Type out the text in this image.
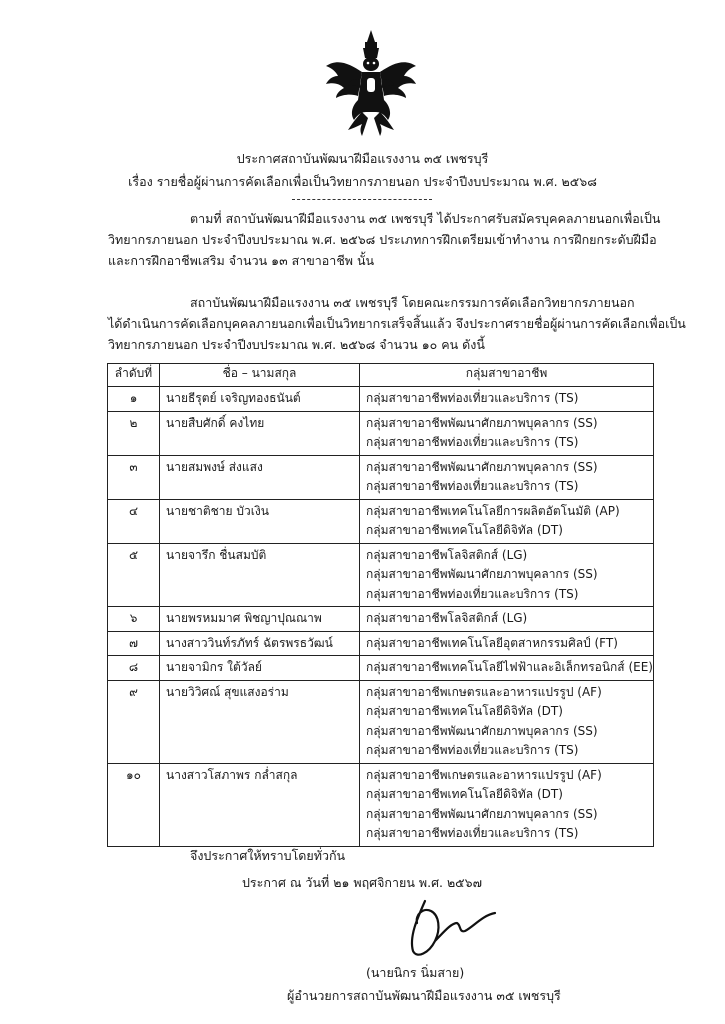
ประกาศสถาบันพัฒนาฝีมือแรงงาน ๓๕ เพชรบุรี
เรื่อง รายชื่อผู้ผ่านการคัดเลือกเพื่อเป็นวิทยากรภายนอก ประจำปีงบประมาณ พ.ศ. ๒๕๖๘
ตามที่ สถาบันพัฒนาฝีมือแรงงาน ๓๕ เพชรบุรี ได้ประกาศรับสมัครบุคคลภายนอกเพื่อเป็น
วิทยากรภายนอก ประจำปีงบประมาณ พ.ศ. ๒๕๖๘ ประเภทการฝึกเตรียมเข้าทำงาน การฝึกยกระดับฝีมือ
และการฝึกอาชีพเสริม จำนวน ๑๓ สาขาอาชีพ นั้น
สถาบันพัฒนาฝีมือแรงงาน ๓๕ เพชรบุรี โดยคณะกรรมการคัดเลือกวิทยากรภายนอก
ได้ดำเนินการคัดเลือกบุคคลภายนอกเพื่อเป็นวิทยากรเสร็จสิ้นแล้ว จึงประกาศรายชื่อผู้ผ่านการคัดเลือกเพื่อเป็น
วิทยากรภายนอก ประจำปีงบประมาณ พ.ศ. ๒๕๖๘ จำนวน ๑๐ คน ดังนี้
ลำดับที่	ชื่อ – นามสกุล	กลุ่มสาขาอาชีพ
๑	นายธีรุตย์ เจริญทองธนันต์	กลุ่มสาขาอาชีพท่องเที่ยวและบริการ (TS)

๒	นายสืบศักดิ์ คงไทย	กลุ่มสาขาอาชีพพัฒนาศักยภาพบุคลากร (SS)
กลุ่มสาขาอาชีพท่องเที่ยวและบริการ (TS)

๓	นายสมพงษ์ ส่งแสง	กลุ่มสาขาอาชีพพัฒนาศักยภาพบุคลากร (SS)
กลุ่มสาขาอาชีพท่องเที่ยวและบริการ (TS)

๔	นายชาติชาย บัวเงิน	กลุ่มสาขาอาชีพเทคโนโลยีการผลิตอัตโนมัติ (AP)
กลุ่มสาขาอาชีพเทคโนโลยีดิจิทัล (DT)

๕	นายจารึก ชื่นสมบัติ	กลุ่มสาขาอาชีพโลจิสติกส์ (LG)
กลุ่มสาขาอาชีพพัฒนาศักยภาพบุคลากร (SS)
กลุ่มสาขาอาชีพท่องเที่ยวและบริการ (TS)

๖	นายพรหมมาศ พิชญาปุณณาพ	กลุ่มสาขาอาชีพโลจิสติกส์ (LG)

๗	นางสาววินท์รภัทร์ ฉัตรพรธวัฒน์	กลุ่มสาขาอาชีพเทคโนโลยีอุตสาหกรรมศิลป์ (FT)

๘	นายจามิกร ใต้วัลย์	กลุ่มสาขาอาชีพเทคโนโลยีไฟฟ้าและอิเล็กทรอนิกส์ (EE)

๙	นายวิวิศณ์ สุขแสงอร่าม	กลุ่มสาขาอาชีพเกษตรและอาหารแปรรูป (AF)
กลุ่มสาขาอาชีพเทคโนโลยีดิจิทัล (DT)
กลุ่มสาขาอาชีพพัฒนาศักยภาพบุคลากร (SS)
กลุ่มสาขาอาชีพท่องเที่ยวและบริการ (TS)

๑๐	นางสาวโสภาพร กล่ำสกุล	กลุ่มสาขาอาชีพเกษตรและอาหารแปรรูป (AF)
กลุ่มสาขาอาชีพเทคโนโลยีดิจิทัล (DT)
กลุ่มสาขาอาชีพพัฒนาศักยภาพบุคลากร (SS)
กลุ่มสาขาอาชีพท่องเที่ยวและบริการ (TS)
จึงประกาศให้ทราบโดยทั่วกัน
ประกาศ ณ วันที่ ๒๑ พฤศจิกายน พ.ศ. ๒๕๖๗
(นายนิกร นิ่มสาย)
ผู้อำนวยการสถาบันพัฒนาฝีมือแรงงาน ๓๕ เพชรบุรี
